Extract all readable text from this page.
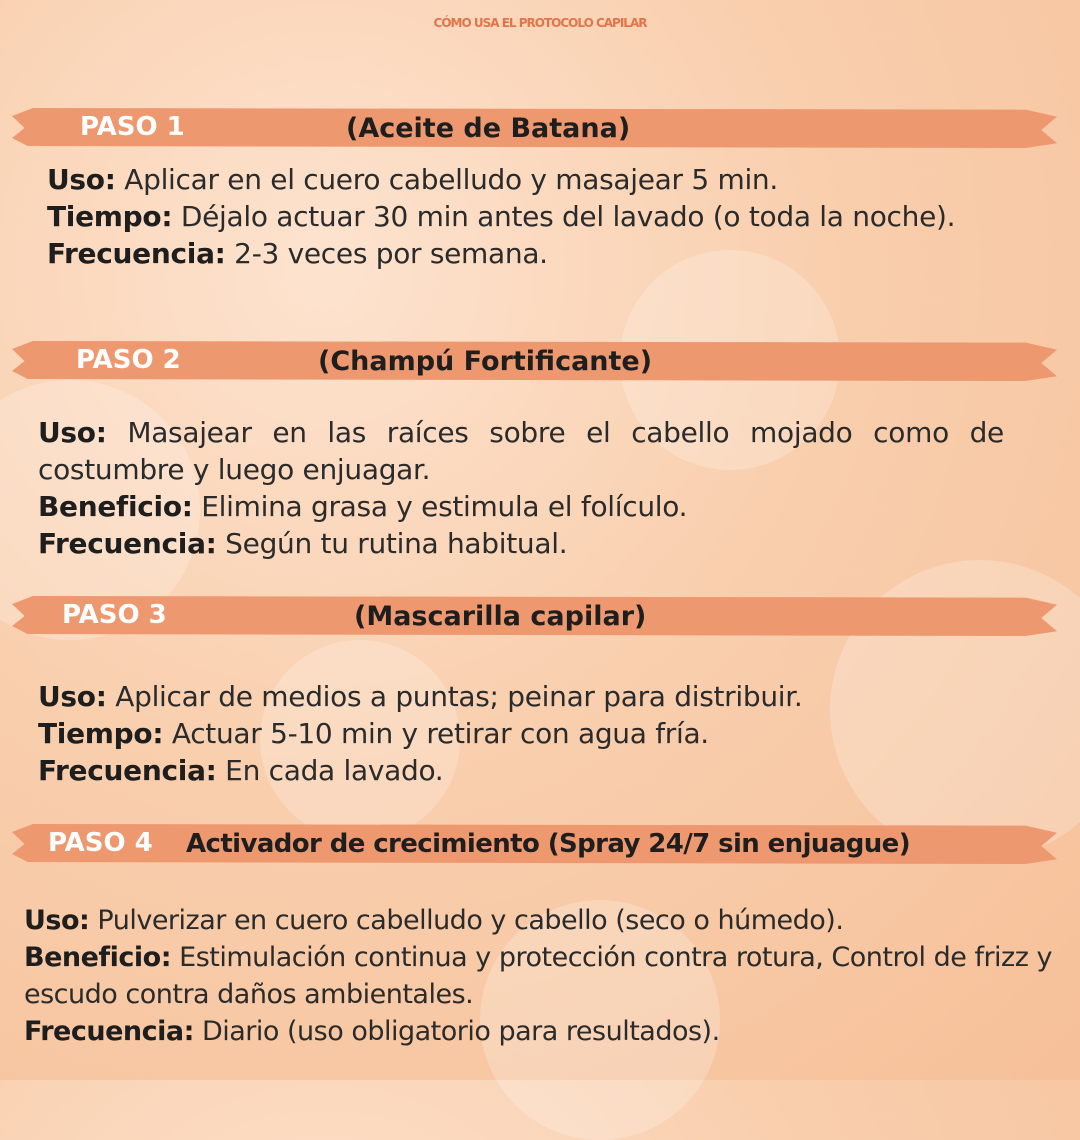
CÓMO USA EL PROTOCOLO CAPILAR
PASO 1	(Aceite de Batana)

Uso: Aplicar en el cuero cabelludo y masajear 5 min.

Tiempo: Déjalo actuar 30 min antes del lavado (o toda la noche).

Frecuencia: 2-3 veces por semana.

PASO 2	(Champú Fortificante)

Uso: Masajear en las raíces sobre el cabello mojado como de costumbre y luego enjuagar.

Beneficio: Elimina grasa y estimula el folículo.

Frecuencia: Según tu rutina habitual.

PASO 3	(Mascarilla capilar)

Uso: Aplicar de medios a puntas; peinar para distribuir.

Tiempo: Actuar 5-10 min y retirar con agua fría.

Frecuencia: En cada lavado.

PASO 4 Activador de crecimiento (Spray 24/7 sin enjuague)

Uso: Pulverizar en cuero cabelludo y cabello (seco o húmedo).

Beneficio: Estimulación continua y protección contra rotura, Control de frizz y escudo contra daños ambientales.

Frecuencia: Diario (uso obligatorio para resultados).
